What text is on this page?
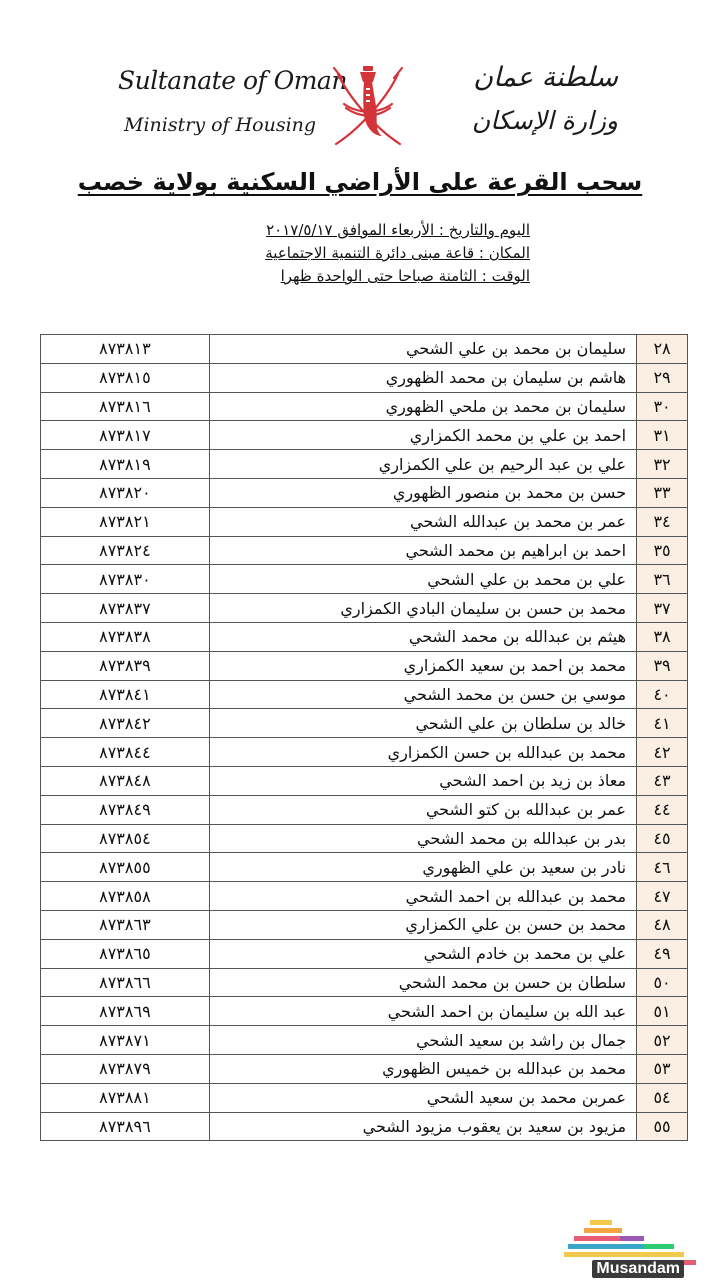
Sultanate of Oman
Ministry of Housing
سلطنة عمان
وزارة الإسكان
سحب القرعة على الأراضي السكنية بولاية خصب
اليوم والتاريخ : الأربعاء الموافق ٢٠١٧/٥/١٧
المكان : قاعة مبنى دائرة التنمية الاجتماعية
الوقت : الثامنة صباحا حتى الواحدة ظهرا
٢٨	سليمان بن محمد بن علي الشحي	٨٧٣٨١٣
٢٩	هاشم بن سليمان بن محمد الظهوري	٨٧٣٨١٥
٣٠	سليمان بن محمد بن ملحي الظهوري	٨٧٣٨١٦
٣١	احمد بن علي بن محمد الكمزاري	٨٧٣٨١٧
٣٢	علي بن عبد الرحيم بن علي الكمزاري	٨٧٣٨١٩
٣٣	حسن بن محمد بن منصور الظهوري	٨٧٣٨٢٠
٣٤	عمر بن محمد بن عبدالله الشحي	٨٧٣٨٢١
٣٥	احمد بن ابراهيم بن محمد الشحي	٨٧٣٨٢٤
٣٦	علي بن محمد بن علي الشحي	٨٧٣٨٣٠
٣٧	محمد بن حسن بن سليمان البادي الكمزاري	٨٧٣٨٣٧
٣٨	هيثم بن عبدالله بن محمد الشحي	٨٧٣٨٣٨
٣٩	محمد بن احمد بن سعيد الكمزاري	٨٧٣٨٣٩
٤٠	موسي بن حسن بن محمد الشحي	٨٧٣٨٤١
٤١	خالد بن سلطان بن علي الشحي	٨٧٣٨٤٢
٤٢	محمد بن عبدالله بن حسن الكمزاري	٨٧٣٨٤٤
٤٣	معاذ بن زيد بن احمد الشحي	٨٧٣٨٤٨
٤٤	عمر بن عبدالله بن كتو الشحي	٨٧٣٨٤٩
٤٥	بدر بن عبدالله بن محمد الشحي	٨٧٣٨٥٤
٤٦	نادر بن سعيد بن علي الظهوري	٨٧٣٨٥٥
٤٧	محمد بن عبدالله بن احمد الشحي	٨٧٣٨٥٨
٤٨	محمد بن حسن بن علي الكمزاري	٨٧٣٨٦٣
٤٩	علي بن محمد بن خادم الشحي	٨٧٣٨٦٥
٥٠	سلطان بن حسن بن محمد الشحي	٨٧٣٨٦٦
٥١	عبد الله بن سليمان بن احمد الشحي	٨٧٣٨٦٩
٥٢	جمال بن راشد بن سعيد الشحي	٨٧٣٨٧١
٥٣	محمد بن عبدالله بن خميس الظهوري	٨٧٣٨٧٩
٥٤	عمربن محمد بن سعيد الشحي	٨٧٣٨٨١
٥٥	مزيود بن سعيد بن يعقوب مزيود الشحي	٨٧٣٨٩٦
Musandam
